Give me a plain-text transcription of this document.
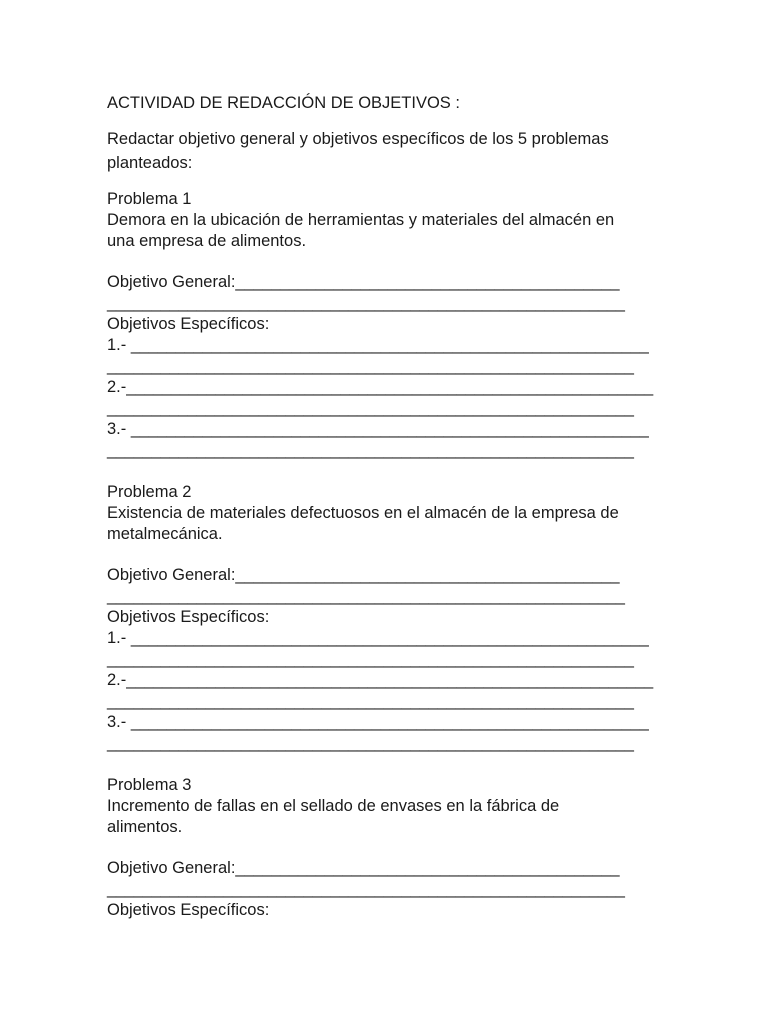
ACTIVIDAD DE REDACCIÓN DE OBJETIVOS :
Redactar objetivo general y objetivos específicos de los 5 problemas planteados:
Problema 1
Demora en la ubicación de herramientas y materiales del almacén en
una empresa de alimentos.
Objetivo General:___________________________________________
__________________________________________________________
Objetivos Específicos:
1.- __________________________________________________________
___________________________________________________________
2.-___________________________________________________________
___________________________________________________________
3.- __________________________________________________________
___________________________________________________________
Problema 2
Existencia de materiales defectuosos en el almacén de la empresa de
metalmecánica.
Objetivo General:___________________________________________
__________________________________________________________
Objetivos Específicos:
1.- __________________________________________________________
___________________________________________________________
2.-___________________________________________________________
___________________________________________________________
3.- __________________________________________________________
___________________________________________________________
Problema 3
Incremento de fallas en el sellado de envases en la fábrica de
alimentos.
Objetivo General:___________________________________________
__________________________________________________________
Objetivos Específicos:
